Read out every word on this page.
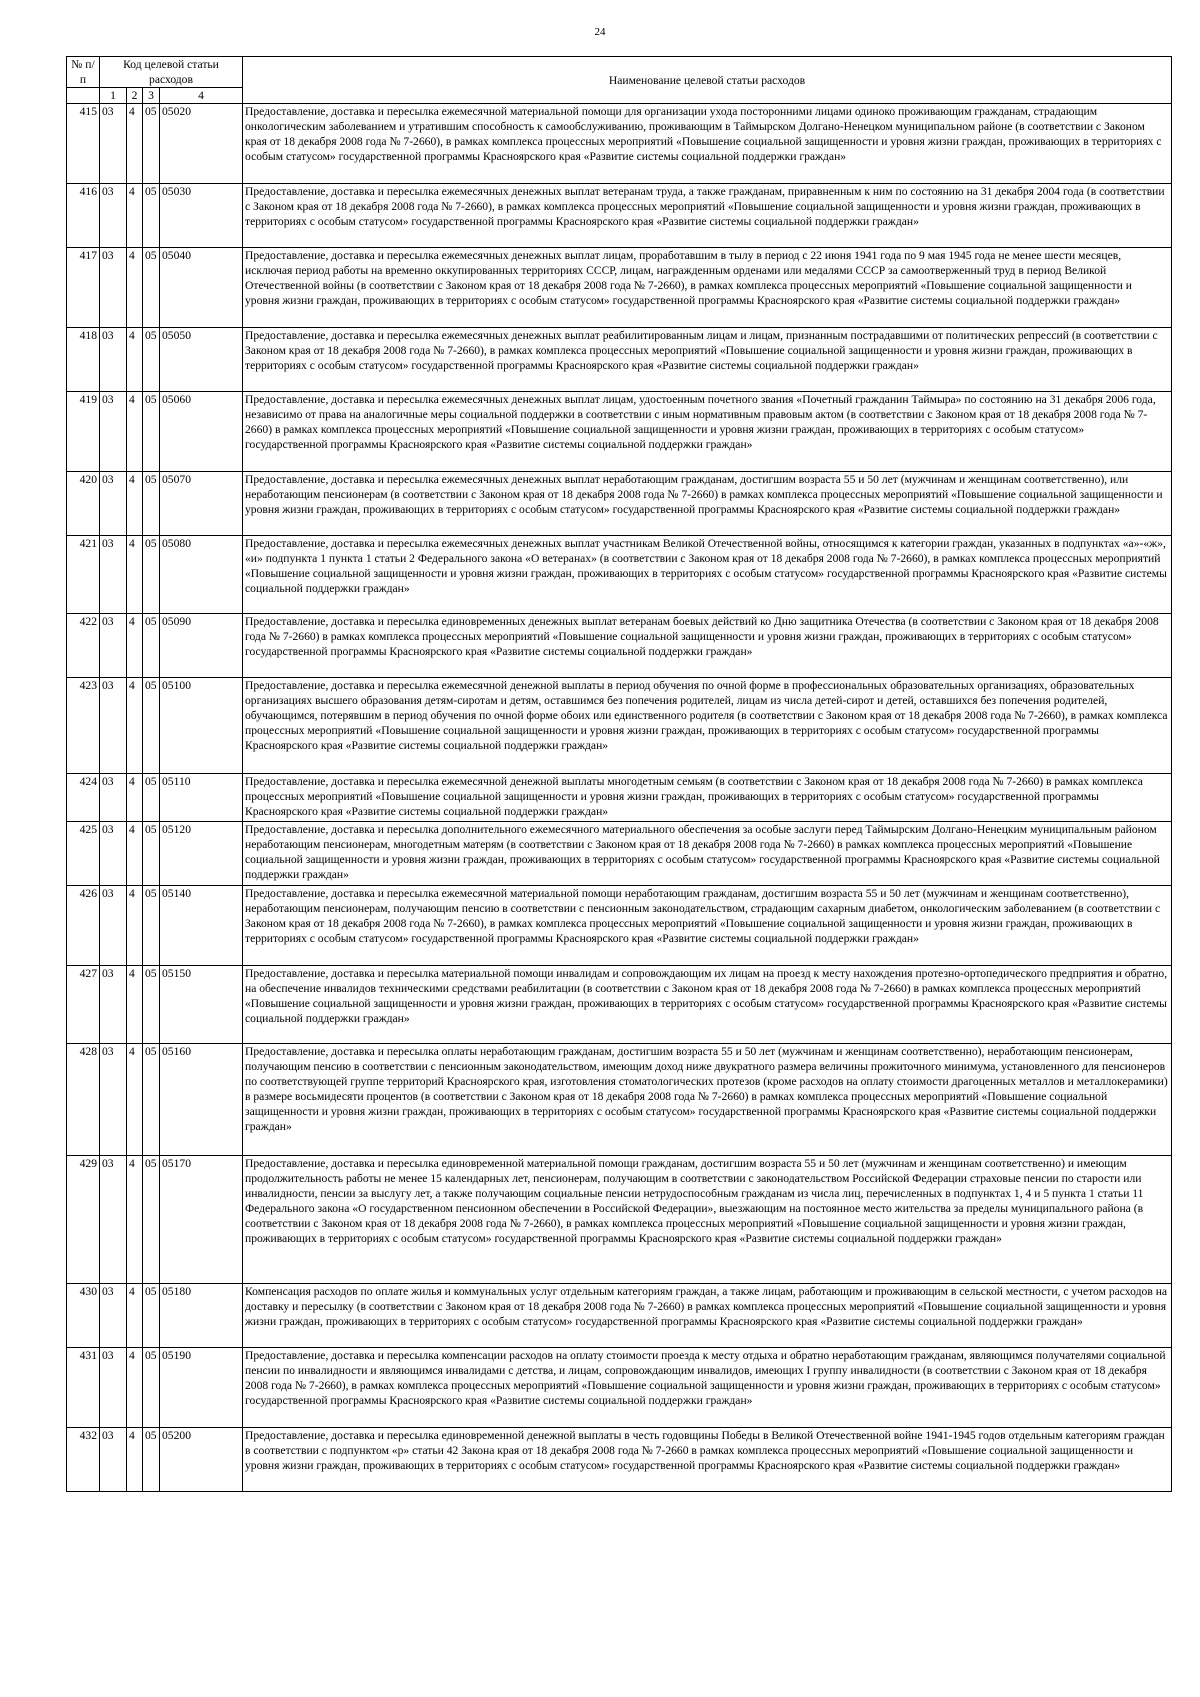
24
№ п/п	Код целевой статьи расходов				Наименование целевой статьи расходов

	1	2	3	4	
415	03	4	05	05020	Предоставление, доставка и пересылка ежемесячной материальной помощи для организации ухода посторонними лицами одиноко проживающим гражданам, страдающим онкологическим заболеванием и утратившим способность к самообслуживанию, проживающим в Таймырском Долгано-Ненецком муниципальном районе (в соответствии с Законом края от 18 декабря 2008 года № 7-2660), в рамках комплекса процессных мероприятий «Повышение социальной защищенности и уровня жизни граждан, проживающих в территориях с особым статусом» государственной программы Красноярского края «Развитие системы социальной поддержки граждан»
416	03	4	05	05030	Предоставление, доставка и пересылка ежемесячных денежных выплат ветеранам труда, а также гражданам, приравненным к ним по состоянию на 31 декабря 2004 года (в соответствии с Законом края от 18 декабря 2008 года № 7-2660), в рамках комплекса процессных мероприятий «Повышение социальной защищенности и уровня жизни граждан, проживающих в территориях с особым статусом» государственной программы Красноярского края «Развитие системы социальной поддержки граждан»
417	03	4	05	05040	Предоставление, доставка и пересылка ежемесячных денежных выплат лицам, проработавшим в тылу в период с 22 июня 1941 года по 9 мая 1945 года не менее шести месяцев, исключая период работы на временно оккупированных территориях СССР, лицам, награжденным орденами или медалями СССР за самоотверженный труд в период Великой Отечественной войны (в соответствии с Законом края от 18 декабря 2008 года № 7-2660), в рамках комплекса процессных мероприятий «Повышение социальной защищенности и уровня жизни граждан, проживающих в территориях с особым статусом» государственной программы Красноярского края «Развитие системы социальной поддержки граждан»
418	03	4	05	05050	Предоставление, доставка и пересылка ежемесячных денежных выплат реабилитированным лицам и лицам, признанным пострадавшими от политических репрессий (в соответствии с Законом края от 18 декабря 2008 года № 7-2660), в рамках комплекса процессных мероприятий «Повышение социальной защищенности и уровня жизни граждан, проживающих в территориях с особым статусом» государственной программы Красноярского края «Развитие системы социальной поддержки граждан»
419	03	4	05	05060	Предоставление, доставка и пересылка ежемесячных денежных выплат лицам, удостоенным почетного звания «Почетный гражданин Таймыра» по состоянию на 31 декабря 2006 года, независимо от права на аналогичные меры социальной поддержки в соответствии с иным нормативным правовым актом (в соответствии с Законом края от 18 декабря 2008 года № 7-2660) в рамках комплекса процессных мероприятий «Повышение социальной защищенности и уровня жизни граждан, проживающих в территориях с особым статусом» государственной программы Красноярского края «Развитие системы социальной поддержки граждан»
420	03	4	05	05070	Предоставление, доставка и пересылка ежемесячных денежных выплат неработающим гражданам, достигшим возраста 55 и 50 лет (мужчинам и женщинам соответственно), или неработающим пенсионерам (в соответствии с Законом края от 18 декабря 2008 года № 7-2660) в рамках комплекса процессных мероприятий «Повышение социальной защищенности и уровня жизни граждан, проживающих в территориях с особым статусом» государственной программы Красноярского края «Развитие системы социальной поддержки граждан»
421	03	4	05	05080	Предоставление, доставка и пересылка ежемесячных денежных выплат участникам Великой Отечественной войны, относящимся к категории граждан, указанных в подпунктах «а»-«ж», «и» подпункта 1 пункта 1 статьи 2 Федерального закона «О ветеранах» (в соответствии с Законом края от 18 декабря 2008 года № 7-2660), в рамках комплекса процессных мероприятий «Повышение социальной защищенности и уровня жизни граждан, проживающих в территориях с особым статусом» государственной программы Красноярского края «Развитие системы социальной поддержки граждан»
422	03	4	05	05090	Предоставление, доставка и пересылка единовременных денежных выплат ветеранам боевых действий ко Дню защитника Отечества (в соответствии с Законом края от 18 декабря 2008 года № 7-2660) в рамках комплекса процессных мероприятий «Повышение социальной защищенности и уровня жизни граждан, проживающих в территориях с особым статусом» государственной программы Красноярского края «Развитие системы социальной поддержки граждан»
423	03	4	05	05100	Предоставление, доставка и пересылка ежемесячной денежной выплаты в период обучения по очной форме в профессиональных образовательных организациях, образовательных организациях высшего образования детям-сиротам и детям, оставшимся без попечения родителей, лицам из числа детей-сирот и детей, оставшихся без попечения родителей, обучающимся, потерявшим в период обучения по очной форме обоих или единственного родителя (в соответствии с Законом края от 18 декабря 2008 года № 7-2660), в рамках комплекса процессных мероприятий «Повышение социальной защищенности и уровня жизни граждан, проживающих в территориях с особым статусом» государственной программы Красноярского края «Развитие системы социальной поддержки граждан»
424	03	4	05	05110	Предоставление, доставка и пересылка ежемесячной денежной выплаты многодетным семьям (в соответствии с Законом края от 18 декабря 2008 года № 7-2660) в рамках комплекса процессных мероприятий «Повышение социальной защищенности и уровня жизни граждан, проживающих в территориях с особым статусом» государственной программы Красноярского края «Развитие системы социальной поддержки граждан»
425	03	4	05	05120	Предоставление, доставка и пересылка дополнительного ежемесячного материального обеспечения за особые заслуги перед Таймырским Долгано-Ненецким муниципальным районом неработающим пенсионерам, многодетным матерям (в соответствии с Законом края от 18 декабря 2008 года № 7-2660) в рамках комплекса процессных мероприятий «Повышение социальной защищенности и уровня жизни граждан, проживающих в территориях с особым статусом» государственной программы Красноярского края «Развитие системы социальной поддержки граждан»
426	03	4	05	05140	Предоставление, доставка и пересылка ежемесячной материальной помощи неработающим гражданам, достигшим возраста 55 и 50 лет (мужчинам и женщинам соответственно), неработающим пенсионерам, получающим пенсию в соответствии с пенсионным законодательством, страдающим сахарным диабетом, онкологическим заболеванием (в соответствии с Законом края от 18 декабря 2008 года № 7-2660), в рамках комплекса процессных мероприятий «Повышение социальной защищенности и уровня жизни граждан, проживающих в территориях с особым статусом» государственной программы Красноярского края «Развитие системы социальной поддержки граждан»
427	03	4	05	05150	Предоставление, доставка и пересылка материальной помощи инвалидам и сопровождающим их лицам на проезд к месту нахождения протезно-ортопедического предприятия и обратно, на обеспечение инвалидов техническими средствами реабилитации (в соответствии с Законом края от 18 декабря 2008 года № 7-2660) в рамках комплекса процессных мероприятий «Повышение социальной защищенности и уровня жизни граждан, проживающих в территориях с особым статусом» государственной программы Красноярского края «Развитие системы социальной поддержки граждан»
428	03	4	05	05160	Предоставление, доставка и пересылка оплаты неработающим гражданам, достигшим возраста 55 и 50 лет (мужчинам и женщинам соответственно), неработающим пенсионерам, получающим пенсию в соответствии с пенсионным законодательством, имеющим доход ниже двукратного размера величины прожиточного минимума, установленного для пенсионеров по соответствующей группе территорий Красноярского края, изготовления стоматологических протезов (кроме расходов на оплату стоимости драгоценных металлов и металлокерамики) в размере восьмидесяти процентов (в соответствии с Законом края от 18 декабря 2008 года № 7-2660) в рамках комплекса процессных мероприятий «Повышение социальной защищенности и уровня жизни граждан, проживающих в территориях с особым статусом» государственной программы Красноярского края «Развитие системы социальной поддержки граждан»
429	03	4	05	05170	Предоставление, доставка и пересылка единовременной материальной помощи гражданам, достигшим возраста 55 и 50 лет (мужчинам и женщинам соответственно) и имеющим продолжительность работы не менее 15 календарных лет, пенсионерам, получающим в соответствии с законодательством Российской Федерации страховые пенсии по старости или инвалидности, пенсии за выслугу лет, а также получающим социальные пенсии нетрудоспособным гражданам из числа лиц, перечисленных в подпунктах 1, 4 и 5 пункта 1 статьи 11 Федерального закона «О государственном пенсионном обеспечении в Российской Федерации», выезжающим на постоянное место жительства за пределы муниципального района (в соответствии с Законом края от 18 декабря 2008 года № 7-2660), в рамках комплекса процессных мероприятий «Повышение социальной защищенности и уровня жизни граждан, проживающих в территориях с особым статусом» государственной программы Красноярского края «Развитие системы социальной поддержки граждан»
430	03	4	05	05180	Компенсация расходов по оплате жилья и коммунальных услуг отдельным категориям граждан, а также лицам, работающим и проживающим в сельской местности, с учетом расходов на доставку и пересылку (в соответствии с Законом края от 18 декабря 2008 года № 7-2660) в рамках комплекса процессных мероприятий «Повышение социальной защищенности и уровня жизни граждан, проживающих в территориях с особым статусом» государственной программы Красноярского края «Развитие системы социальной поддержки граждан»
431	03	4	05	05190	Предоставление, доставка и пересылка компенсации расходов на оплату стоимости проезда к месту отдыха и обратно неработающим гражданам, являющимся получателями социальной пенсии по инвалидности и являющимся инвалидами с детства, и лицам, сопровождающим инвалидов, имеющих I группу инвалидности (в соответствии с Законом края от 18 декабря 2008 года № 7-2660), в рамках комплекса процессных мероприятий «Повышение социальной защищенности и уровня жизни граждан, проживающих в территориях с особым статусом» государственной программы Красноярского края «Развитие системы социальной поддержки граждан»
432	03	4	05	05200	Предоставление, доставка и пересылка единовременной денежной выплаты в честь годовщины Победы в Великой Отечественной войне 1941-1945 годов отдельным категориям граждан в соответствии с подпунктом «р» статьи 42 Закона края от 18 декабря 2008 года № 7-2660 в рамках комплекса процессных мероприятий «Повышение социальной защищенности и уровня жизни граждан, проживающих в территориях с особым статусом» государственной программы Красноярского края «Развитие системы социальной поддержки граждан»
